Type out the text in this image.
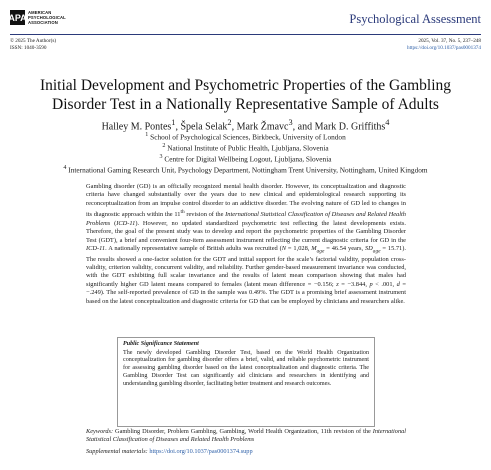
APA AMERICAN
PSYCHOLOGICAL
ASSOCIATION	Psychological Assessment
© 2025 The Author(s)
ISSN: 1040-3590
2025, Vol. 37, No. 5, 237–248
https://doi.org/10.1037/pas0001374
Initial Development and Psychometric Properties of the Gambling Disorder Test in a Nationally Representative Sample of Adults
Halley M. Pontes$^1$, Špela Selak$^2$, Mark Žmavc$^3$, and Mark D. Griffiths$^4$
$^1$ School of Psychological Sciences, Birkbeck, University of London
$^2$ National Institute of Public Health, Ljubljana, Slovenia
$^3$ Centre for Digital Wellbeing Logout, Ljubljana, Slovenia
$^4$ International Gaming Research Unit, Psychology Department, Nottingham Trent University, Nottingham, United Kingdom
Gambling disorder (GD) is an officially recognized mental health disorder. However, its conceptualization and diagnostic criteria have changed substantially over the years due to new clinical and epidemiological research supporting its reconceptualization from an impulse control disorder to an addictive disorder. The evolving nature of GD led to changes in its diagnostic approach within the 11th revision of the International Statistical Classification of Diseases and Related Health Problems (ICD-11). However, no updated standardized psychometric test reflecting the latest developments exists. Therefore, the goal of the present study was to develop and report the psychometric properties of the Gambling Disorder Test (GDT), a brief and convenient four-item assessment instrument reflecting the current diagnostic criteria for GD in the ICD-11. A nationally representative sample of British adults was recruited (N = 1,028, $M_{age} = 46.54$ years, $SD_{age} = 15.71$). The results showed a one-factor solution for the GDT and initial support for the scale’s factorial validity, population cross-validity, criterion validity, concurrent validity, and reliability. Further gender-based measurement invariance was conducted, with the GDT exhibiting full scalar invariance and the results of latent mean comparison showing that males had significantly higher GD latent means compared to females (latent mean difference = −0.156; z = −3.844, p < .001, d = −.249). The self-reported prevalence of GD in the sample was 0.49%. The GDT is a promising brief assessment instrument based on the latest conceptualization and diagnostic criteria for GD that can be employed by clinicians and researchers alike.
Public Significance Statement
The newly developed Gambling Disorder Test, based on the World Health Organization conceptualization for gambling disorder offers a brief, valid, and reliable psychometric instrument for assessing gambling disorder based on the latest conceptualization and diagnostic criteria. The Gambling Disorder Test can significantly aid clinicians and researchers in identifying and understanding gambling disorder, facilitating better treatment and research outcomes.
Keywords: Gambling Disorder, Problem Gambling, Gambling, World Health Organization, 11th revision of the International Statistical Classification of Diseases and Related Health Problems
Supplemental materials: https://doi.org/10.1037/pas0001374.supp
